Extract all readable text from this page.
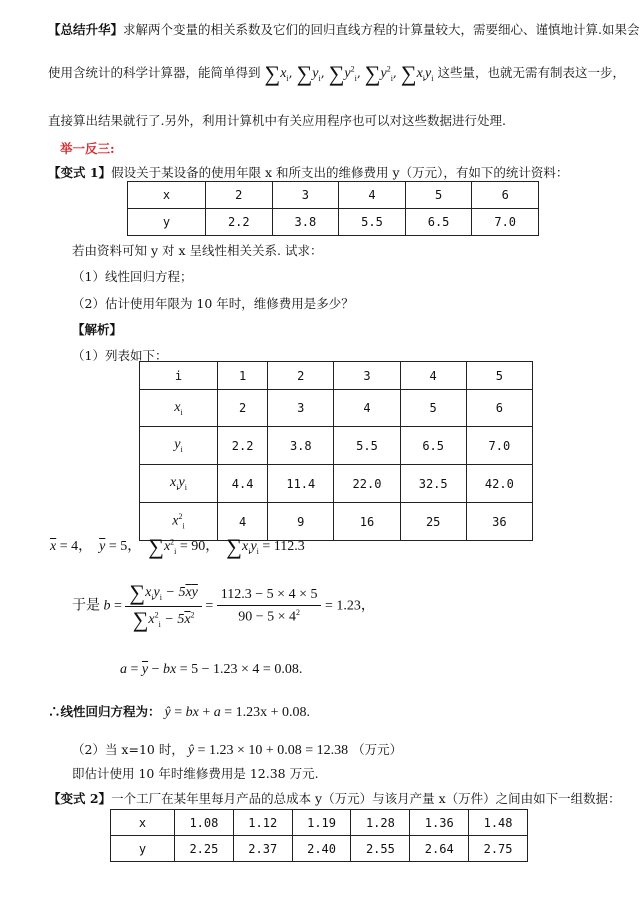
【总结升华】求解两个变量的相关系数及它们的回归直线方程的计算量较大，需要细心、谨慎地计算.如果会
使用含统计的科学计算器，能简单得到 $\sum x_i$, $\sum y_i$, $\sum y^2_i$, $\sum y^2_i$, $\sum x_iy_i$ 这些量，也就无需有制表这一步，
直接算出结果就行了.另外，利用计算机中有关应用程序也可以对这些数据进行处理.
举一反三:
【变式 1】假设关于某设备的使用年限 x 和所支出的维修费用 y（万元），有如下的统计资料：
x	2	3	4	5	6
y	2.2	3.8	5.5	6.5	7.0
若由资料可知 y 对 x 呈线性相关关系. 试求：
（1）线性回归方程；
（2）估计使用年限为 10 年时，维修费用是多少？
【解析】
（1）列表如下：
i	1	2	3	4	5
$x_i$	2	3	4	5	6
$y_i$	2.2	3.8	5.5	6.5	7.0
$x_iy_i$	4.4	11.4	22.0	32.5	42.0
$x^2_i$	4	9	16	25	36
$\overline{x} = 4$，  $\overline{y} = 5$，  $\sum x^2_i = 90$，  $\sum x_iy_i = 112.3$
于是 $b = \frac{\sum x_iy_i - 5\overline{x}\overline{y}}{\sum x^2_i - 5\overline{x}^2} = \frac{112.3 - 5 \times 4 \times 5}{90 - 5 \times 4^2} = 1.23$，
$a = \overline{y}$ − bx = 5 − 1.23 × 4 = 0.08.
∴线性回归方程为： ŷ = bx + a = 1.23x + 0.08.
（2）当 x=10 时， ŷ = 1.23 × 10 + 0.08 = 12.38 （万元）
即估计使用 10 年时维修费用是 12.38 万元.
【变式 2】一个工厂在某年里每月产品的总成本 y（万元）与该月产量 x（万件）之间由如下一组数据：
x	1.08	1.12	1.19	1.28	1.36	1.48
y	2.25	2.37	2.40	2.55	2.64	2.75
